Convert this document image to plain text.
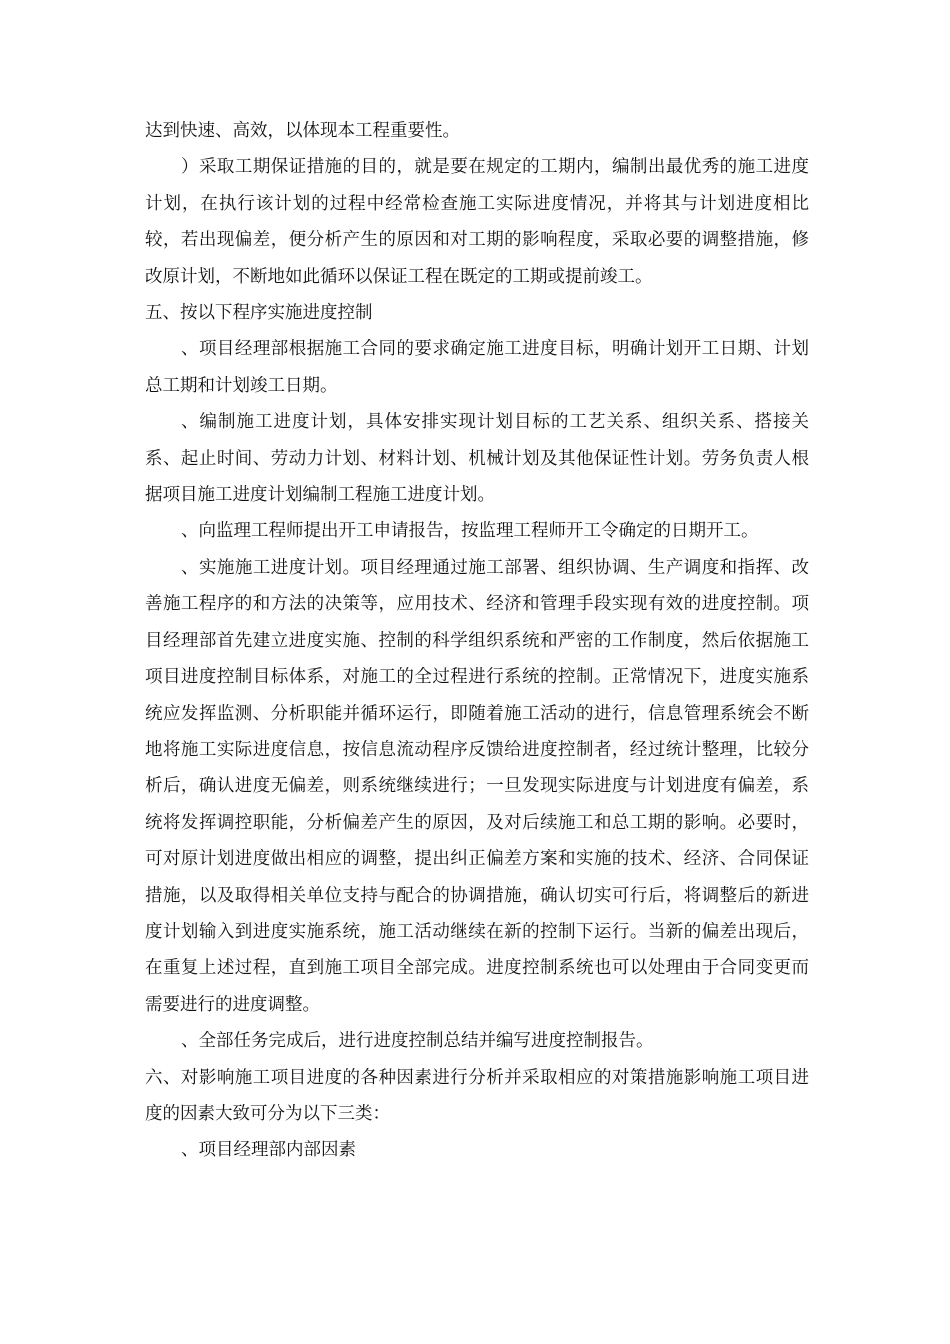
达到快速、高效，以体现本工程重要性。

）采取工期保证措施的目的，就是要在规定的工期内，编制出最优秀的施工进度计划，在执行该计划的过程中经常检查施工实际进度情况，并将其与计划进度相比较，若出现偏差，便分析产生的原因和对工期的影响程度，采取必要的调整措施，修改原计划，不断地如此循环以保证工程在既定的工期或提前竣工。

五、按以下程序实施进度控制

、项目经理部根据施工合同的要求确定施工进度目标，明确计划开工日期、计划总工期和计划竣工日期。

、编制施工进度计划，具体安排实现计划目标的工艺关系、组织关系、搭接关系、起止时间、劳动力计划、材料计划、机械计划及其他保证性计划。劳务负责人根据项目施工进度计划编制工程施工进度计划。

、向监理工程师提出开工申请报告，按监理工程师开工令确定的日期开工。

、实施施工进度计划。项目经理通过施工部署、组织协调、生产调度和指挥、改善施工程序的和方法的决策等，应用技术、经济和管理手段实现有效的进度控制。项目经理部首先建立进度实施、控制的科学组织系统和严密的工作制度，然后依据施工项目进度控制目标体系，对施工的全过程进行系统的控制。正常情况下，进度实施系统应发挥监测、分析职能并循环运行，即随着施工活动的进行，信息管理系统会不断地将施工实际进度信息，按信息流动程序反馈给进度控制者，经过统计整理，比较分析后，确认进度无偏差，则系统继续进行；一旦发现实际进度与计划进度有偏差，系统将发挥调控职能，分析偏差产生的原因，及对后续施工和总工期的影响。必要时，可对原计划进度做出相应的调整，提出纠正偏差方案和实施的技术、经济、合同保证措施，以及取得相关单位支持与配合的协调措施，确认切实可行后，将调整后的新进度计划输入到进度实施系统，施工活动继续在新的控制下运行。当新的偏差出现后，在重复上述过程，直到施工项目全部完成。进度控制系统也可以处理由于合同变更而需要进行的进度调整。

、全部任务完成后，进行进度控制总结并编写进度控制报告。

六、对影响施工项目进度的各种因素进行分析并采取相应的对策措施影响施工项目进度的因素大致可分为以下三类：

、项目经理部内部因素
